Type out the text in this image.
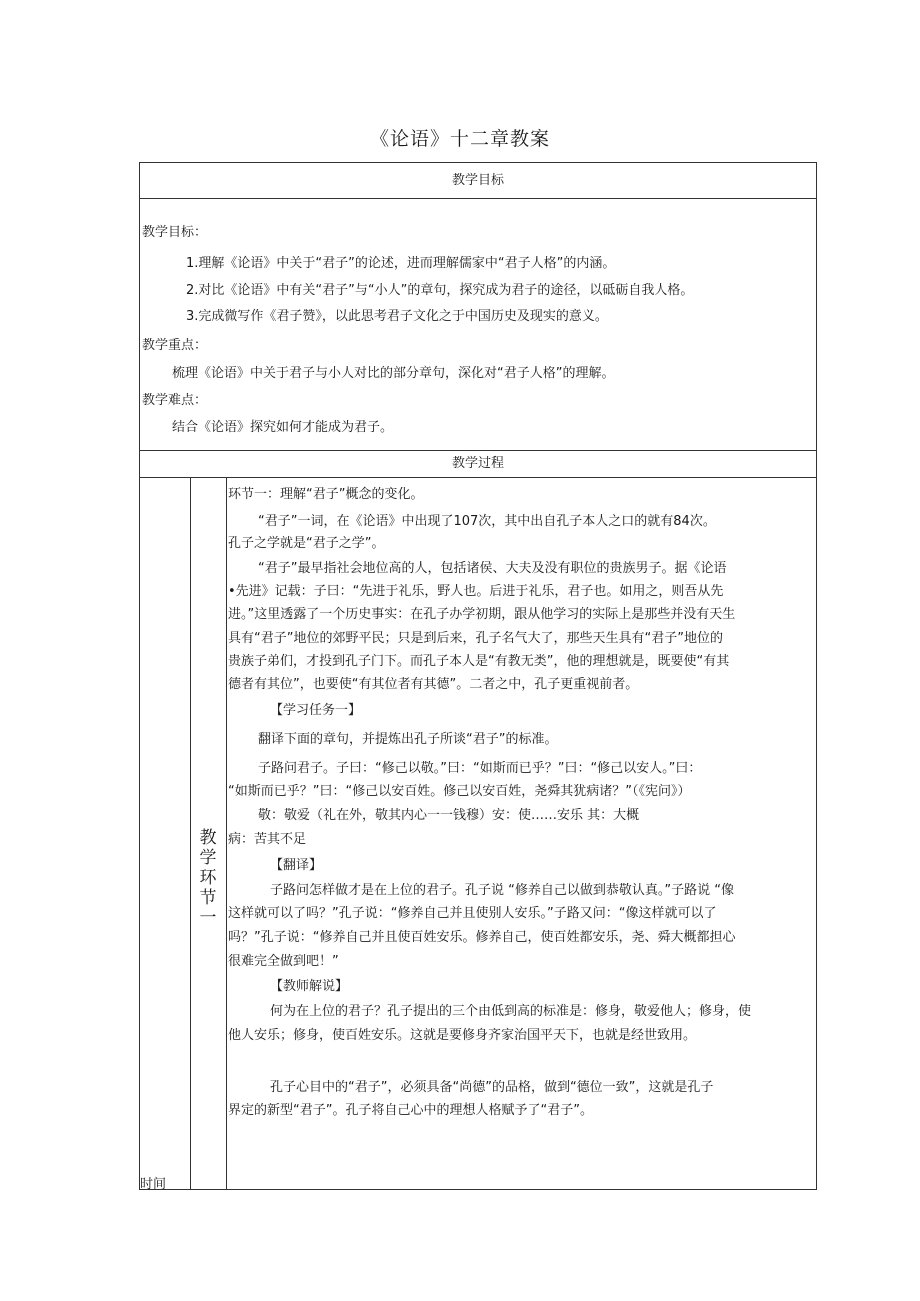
《论语》十二章教案
教学目标
教学目标：
1.理解《论语》中关于“君子”的论述，进而理解儒家中“君子人格”的内涵。
2.对比《论语》中有关“君子”与“小人”的章句，探究成为君子的途径，以砥砺自我人格。
3.完成微写作《君子赞》，以此思考君子文化之于中国历史及现实的意义。
教学重点：
梳理《论语》中关于君子与小人对比的部分章句，深化对“君子人格”的理解。
教学难点：
结合《论语》探究如何才能成为君子。
教学过程
教
学
环
节
一
时间
环节一：理解“君子”概念的变化。
“君子”一词，在《论语》中出现了107次，其中出自孔子本人之口的就有84次。
孔子之学就是“君子之学”。
“君子”最早指社会地位高的人，包括诸侯、大夫及没有职位的贵族男子。据《论语
•先进》记载：子曰：“先进于礼乐，野人也。后进于礼乐，君子也。如用之，则吾从先
进。”这里透露了一个历史事实：在孔子办学初期，跟从他学习的实际上是那些并没有天生
具有“君子”地位的郊野平民；只是到后来，孔子名气大了，那些天生具有“君子”地位的
贵族子弟们，才投到孔子门下。而孔子本人是“有教无类”，他的理想就是，既要使“有其
德者有其位”，也要使“有其位者有其德”。二者之中，孔子更重视前者。
【学习任务一】
翻译下面的章句，并提炼出孔子所谈“君子”的标准。
子路问君子。子曰：“修己以敬。”曰：“如斯而已乎？”曰：“修己以安人。”曰：
“如斯而已乎？”曰：“修己以安百姓。修己以安百姓，尧舜其犹病诸？”（《宪问》）
敬：敬爱（礼在外，敬其内心一一钱穆）安：使……安乐 其：大概
病：苦其不足
【翻译】
子路问怎样做才是在上位的君子。孔子说 “修养自己以做到恭敬认真。”子路说 “像
这样就可以了吗？”孔子说：“修养自己并且使别人安乐。”子路又问：“像这样就可以了
吗？”孔子说：“修养自己并且使百姓安乐。修养自己，使百姓都安乐，尧、舜大概都担心
很难完全做到吧！”
【教师解说】
何为在上位的君子？孔子提出的三个由低到高的标准是：修身，敬爱他人；修身，使
他人安乐；修身，使百姓安乐。这就是要修身齐家治国平天下，也就是经世致用。
孔子心目中的“君子”，必须具备“尚德”的品格，做到“德位一致”，这就是孔子
界定的新型“君子”。孔子将自己心中的理想人格赋予了“君子”。
